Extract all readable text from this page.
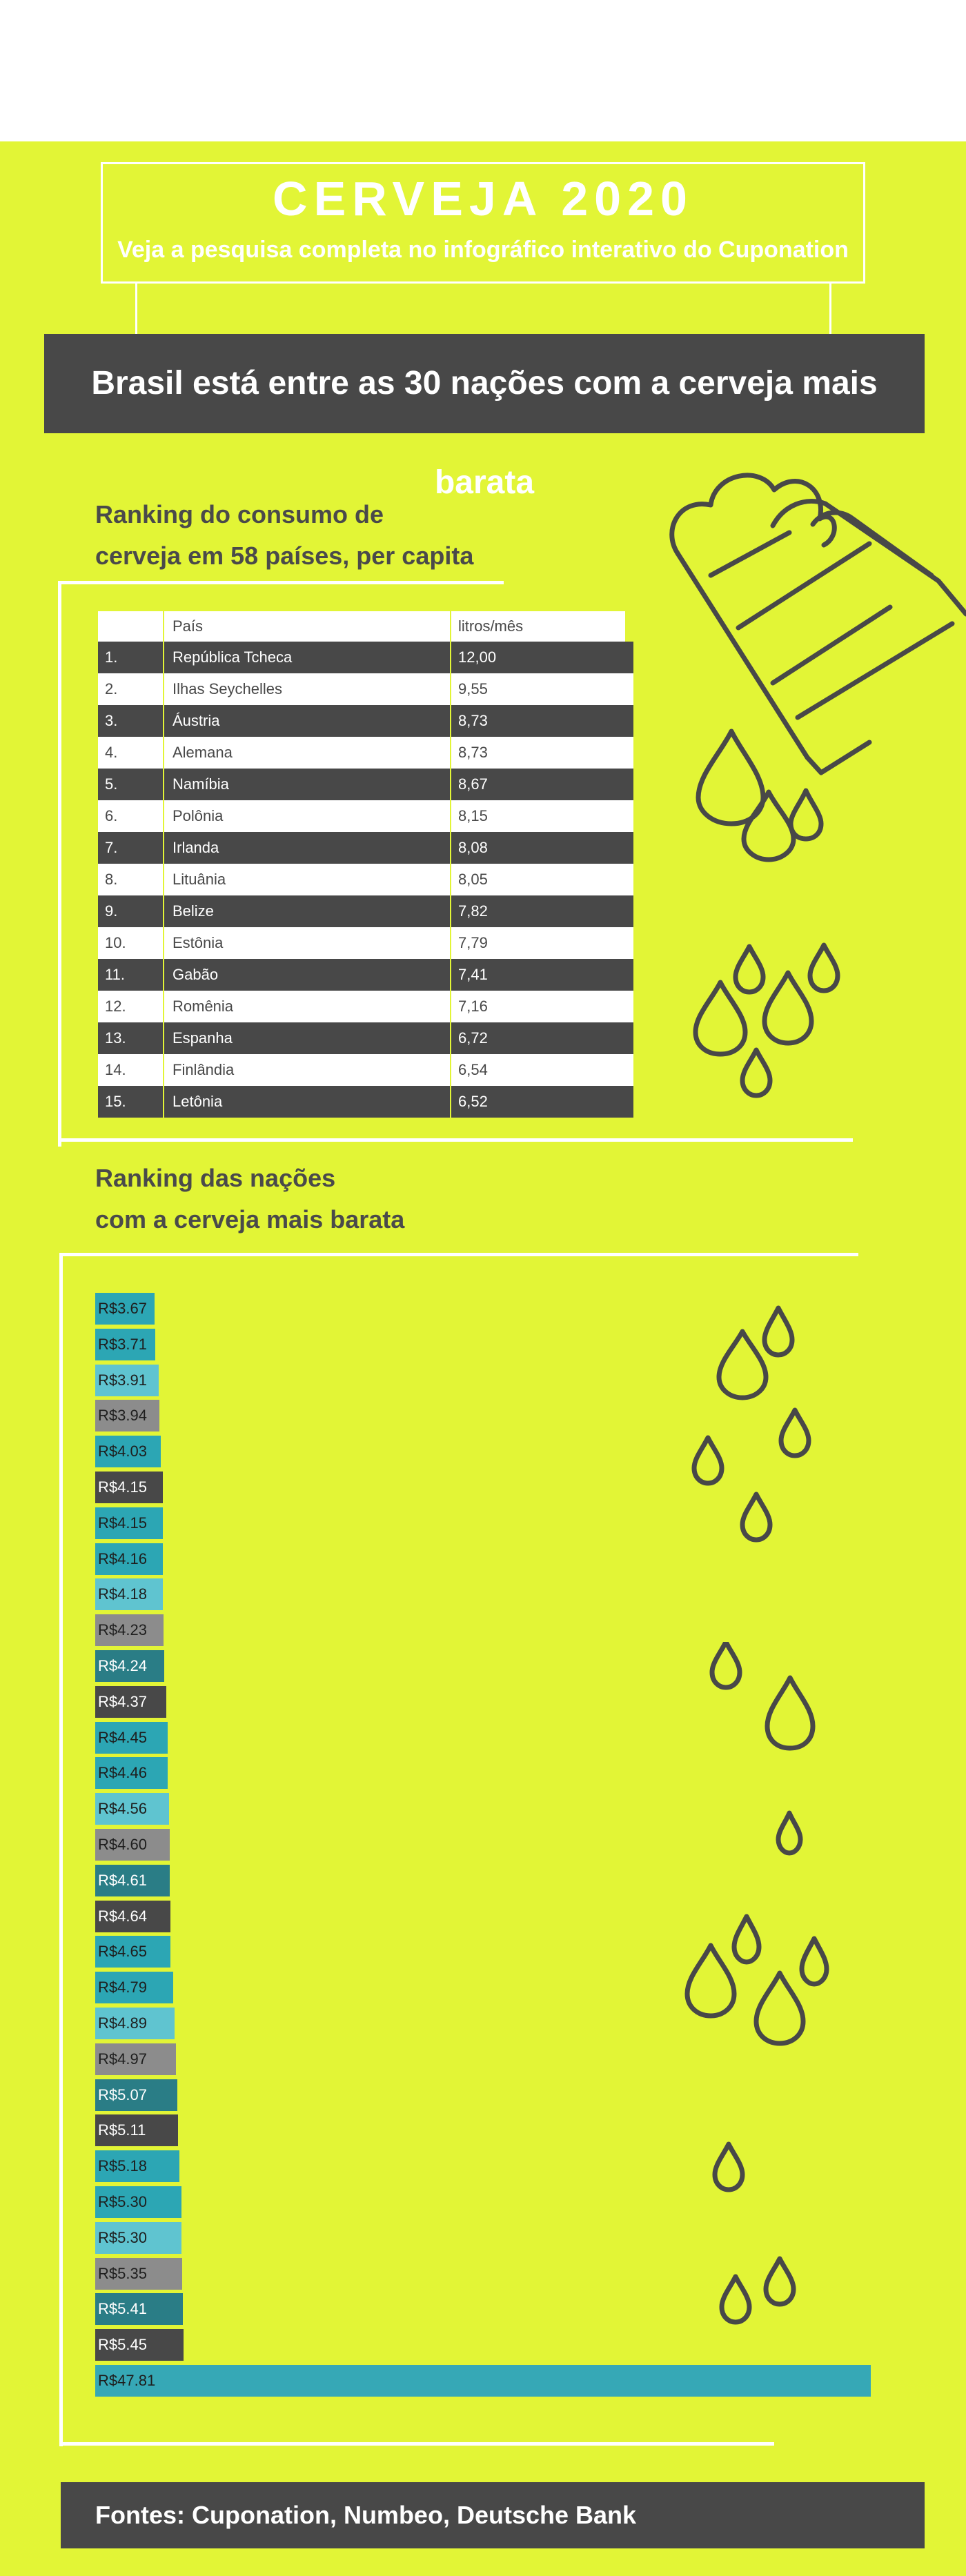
CERVEJA 2020
Veja a pesquisa completa no infográfico interativo do Cuponation
Brasil está entre as 30 nações com a cerveja mais barata
Ranking do consumo de
cerveja em 58 países, per capita
País	litros/mês
1.	República Tcheca	12,00
2.	Ilhas Seychelles	9,55
3.	Áustria	8,73
4.	Alemana	8,73
5.	Namíbia	8,67
6.	Polônia	8,15
7.	Irlanda	8,08
8.	Lituânia	8,05
9.	Belize	7,82
10.	Estônia	7,79
11.	Gabão	7,41
12.	Romênia	7,16
13.	Espanha	6,72
14.	Finlândia	6,54
15.	Letônia	6,52
Ranking das nações
com a cerveja mais barata
R$3.67
R$3.71
R$3.91
R$3.94
R$4.03
R$4.15
R$4.15
R$4.16
R$4.18
R$4.23
R$4.24
R$4.37
R$4.45
R$4.46
R$4.56
R$4.60
R$4.61
R$4.64
R$4.65
R$4.79
R$4.89
R$4.97
R$5.07
R$5.11
R$5.18
R$5.30
R$5.30
R$5.35
R$5.41
R$5.45
R$47.81
Fontes: Cuponation, Numbeo, Deutsche Bank
